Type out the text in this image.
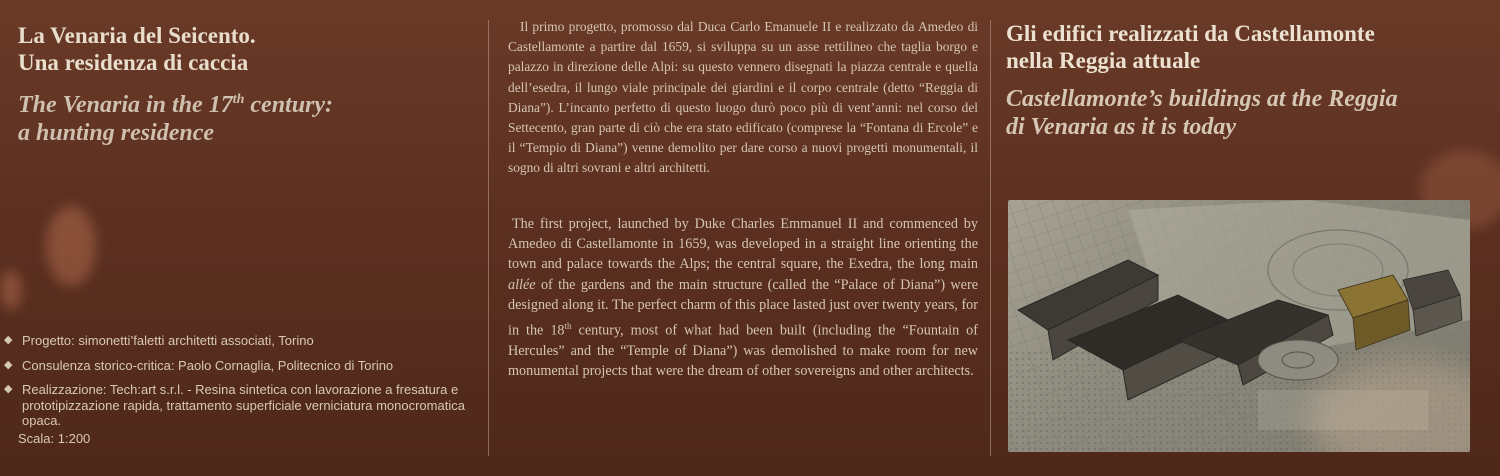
La Venaria del Seicento.
Una residenza di caccia

The Venaria in the 17th century:
a hunting residence

◆ Progetto: simonetti’faletti architetti associati, Torino
◆ Consulenza storico-critica: Paolo Cornaglia, Politecnico di Torino
◆ Realizzazione: Tech:art s.r.l. - Resina sintetica con lavorazione a fresatura e prototipizzazione rapida, trattamento superficiale verniciatura monocromatica opaca.
Scala: 1:200

Il primo progetto, promosso dal Duca Carlo Emanuele II e realizzato da Amedeo di Castellamonte a partire dal 1659, si sviluppa su un asse rettilineo che taglia borgo e palazzo in direzione delle Alpi: su questo vennero disegnati la piazza centrale e quella dell’esedra, il lungo viale principale dei giardini e il corpo centrale (detto “Reggia di Diana”). L’incanto perfetto di questo luogo durò poco più di vent’anni: nel corso del Settecento, gran parte di ciò che era stato edificato (comprese la “Fontana di Ercole” e il “Tempio di Diana”) venne demolito per dare corso a nuovi progetti monumentali, il sogno di altri sovrani e altri architetti.

The first project, launched by Duke Charles Emmanuel II and commenced by Amedeo di Castellamonte in 1659, was developed in a straight line orienting the town and palace towards the Alps; the central square, the Exedra, the long main allée of the gardens and the main structure (called the “Palace of Diana”) were designed along it. The perfect charm of this place lasted just over twenty years, for in the 18th century, most of what had been built (including the “Fountain of Hercules” and the “Temple of Diana”) was demolished to make room for new monumental projects that were the dream of other sovereigns and other architects.

Gli edifici realizzati da Castellamonte
nella Reggia attuale

Castellamonte’s buildings at the Reggia
di Venaria as it is today
